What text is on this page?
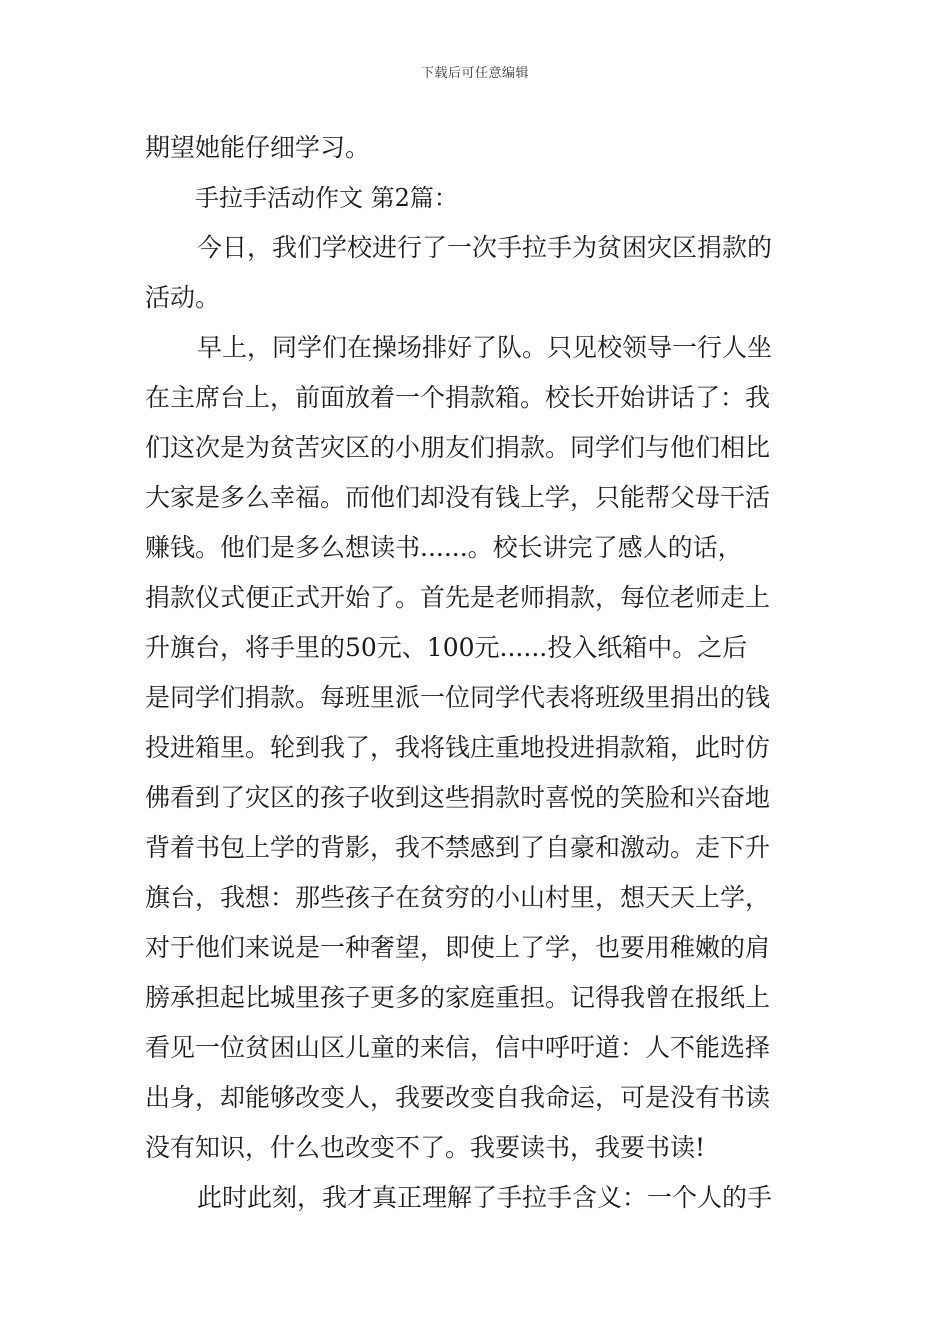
下载后可任意编辑
期望她能仔细学习。
手拉手活动作文 第2篇：
今日，我们学校进行了一次手拉手为贫困灾区捐款的
活动。
早上，同学们在操场排好了队。只见校领导一行人坐
在主席台上，前面放着一个捐款箱。校长开始讲话了：我
们这次是为贫苦灾区的小朋友们捐款。同学们与他们相比
大家是多么幸福。而他们却没有钱上学，只能帮父母干活
赚钱。他们是多么想读书......。校长讲完了感人的话，
捐款仪式便正式开始了。首先是老师捐款，每位老师走上
升旗台，将手里的50元、100元......投入纸箱中。之后
是同学们捐款。每班里派一位同学代表将班级里捐出的钱
投进箱里。轮到我了，我将钱庄重地投进捐款箱，此时仿
佛看到了灾区的孩子收到这些捐款时喜悦的笑脸和兴奋地
背着书包上学的背影，我不禁感到了自豪和激动。走下升
旗台，我想：那些孩子在贫穷的小山村里，想天天上学，
对于他们来说是一种奢望，即使上了学，也要用稚嫩的肩
膀承担起比城里孩子更多的家庭重担。记得我曾在报纸上
看见一位贫困山区儿童的来信，信中呼吁道：人不能选择
出身，却能够改变人，我要改变自我命运，可是没有书读
没有知识，什么也改变不了。我要读书，我要书读!
此时此刻，我才真正理解了手拉手含义：一个人的手
